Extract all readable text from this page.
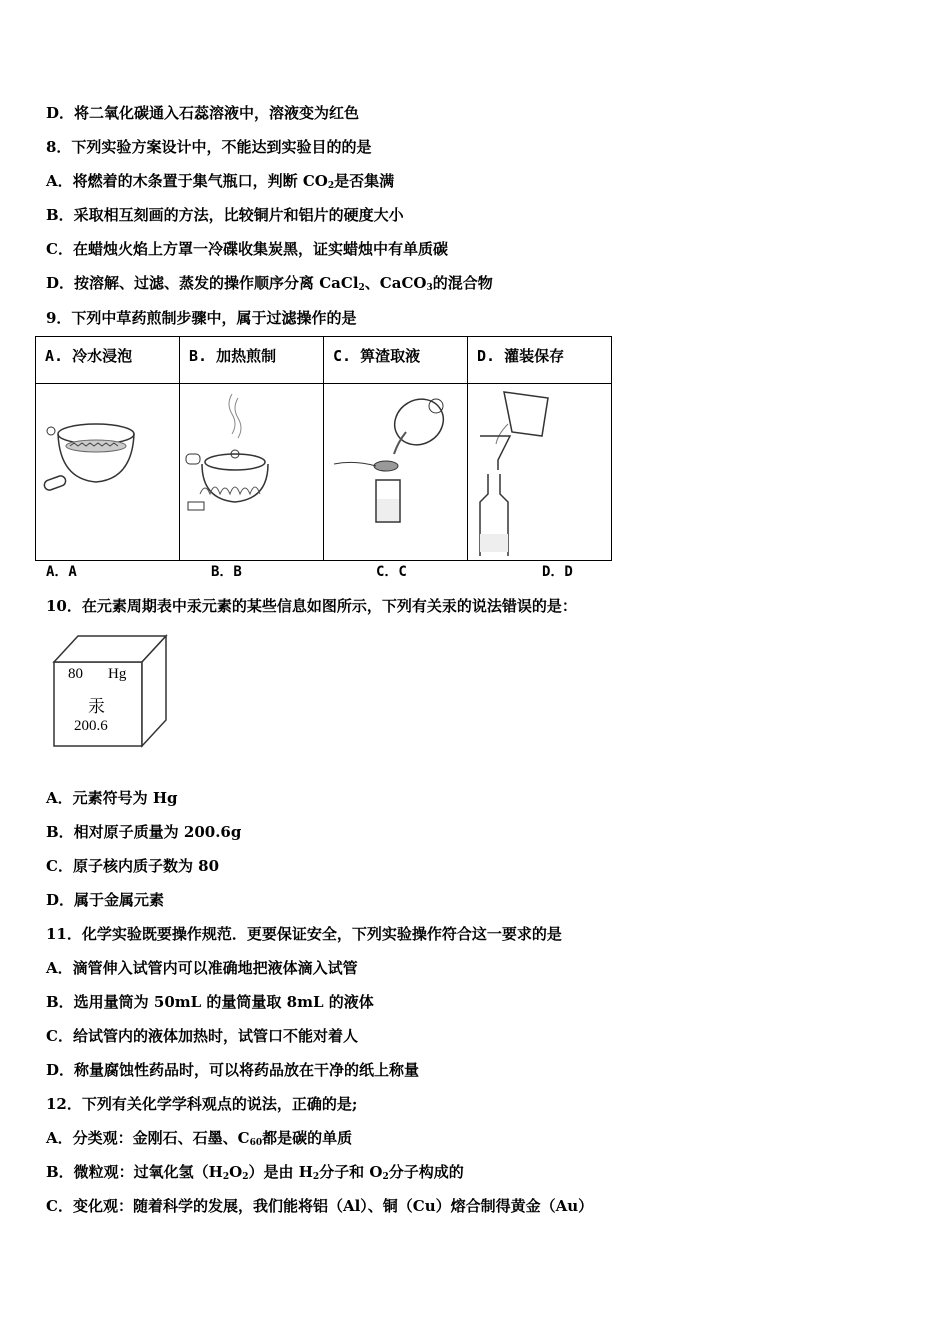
D．将二氧化碳通入石蕊溶液中，溶液变为红色
8．下列实验方案设计中，不能达到实验目的的是
A．将燃着的木条置于集气瓶口，判断 $CO_2$是否集满
B．采取相互刻画的方法，比较铜片和铝片的硬度大小
C．在蜡烛火焰上方罩一冷碟收集炭黑，证实蜡烛中有单质碳
D．按溶解、过滤、蒸发的操作顺序分离 CaCl$_2$、CaCO$_3$的混合物
9．下列中草药煎制步骤中，属于过滤操作的是
A. 冷水浸泡	B. 加热煎制	C. 箅渣取液	D. 灌装保存

A．A	B．B	C．C	D．D
10．在元素周期表中汞元素的某些信息如图所示，下列有关汞的说法错误的是：
80 Hg
汞
200.6
A．元素符号为 Hg
B．相对原子质量为 200.6g
C．原子核内质子数为 80
D．属于金属元素
11．化学实验既要操作规范．更要保证安全，下列实验操作符合这一要求的是
A．滴管伸入试管内可以准确地把液体滴入试管
B．选用量筒为 50mL 的量筒量取 8mL 的液体
C．给试管内的液体加热时，试管口不能对着人
D．称量腐蚀性药品时，可以将药品放在干净的纸上称量
12．下列有关化学学科观点的说法，正确的是;
A．分类观：金刚石、石墨、$C_{60}$都是碳的单质
B．微粒观：过氧化氢$(H_2O_2)$是由 $H_2$分子和 $O_2$分子构成的
C．变化观：随着科学的发展，我们能将铝（Al）、铜（Cu）熔合制得黄金（Au）
